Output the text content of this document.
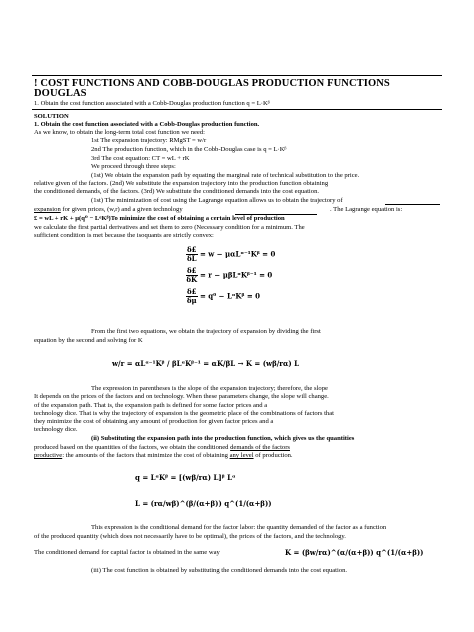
! COST FUNCTIONS AND COBB-DOUGLAS PRODUCTION FUNCTIONS
DOUGLAS
1. Obtain the cost function associated with a Cobb-Douglas production function q = L·Kᵝ
SOLUTION
1. Obtain the cost function associated with a Cobb-Douglas production function.
As we know, to obtain the long-term total cost function we need:
1st The expansion trajectory: RMgST = w/r
2nd The production function, which in the Cobb-Douglas case is q = L·Kᵝ
3rd The cost equation: CT = wL + rK
We proceed through three steps:
(1st) We obtain the expansion path by equating the marginal rate of technical substitution to the price.
relative given of the factors. (2nd) We substitute the expansion trajectory into the production function obtaining
the conditioned demands, of the factors. (3rd) We substitute the conditioned demands into the cost equation.
(1st) The minimization of cost using the Lagrange equation allows us to obtain the trajectory of
expansion for given prices, (w,r) and a given technology	. The Lagrange equation is:
£ = wL + rK + μ(q⁰ − LᵅKᵝ)To minimize the cost of obtaining a certain level of production
we calculate the first partial derivatives and set them to zero (Necessary condition for a minimum. The
sufficient condition is met because the isoquants are strictly convex:
$\frac{\delta£}{\delta L} = w$ − μαLᵅ⁻¹Kᵝ = 0
$\frac{\delta£}{\delta K} = r$ − μβLᵅKᵝ⁻¹ = 0
$\frac{\delta£}{\delta\mu} = q^0$ − LᵅKᵝ = 0
From the first two equations, we obtain the trajectory of expansion by dividing the first
equation by the second and solving for K
w/r = αLᵅ⁻¹Kᵝ / βLᵅKᵝ⁻¹ = αK/βL → K = (wβ/rα) L
The expression in parentheses is the slope of the expansion trajectory; therefore, the slope
It depends on the prices of the factors and on technology. When these parameters change, the slope will change.
of the expansion path. That is, the expansion path is defined for some factor prices and a
technology dice. That is why the trajectory of expansion is the geometric place of the combinations of factors that
they minimize the cost of obtaining any amount of production for given factor prices and a
technology dice.
(ii) Substituting the expansion path into the production function, which gives us the quantities
produced based on the quantities of the factors, we obtain the conditioned demands of the factors
productive: the amounts of the factors that minimize the cost of obtaining any level of production.
q = LᵅKᵝ = [(wβ/rα) L]ᵝ Lᵅ
L = (rα/wβ)^(β/(α+β)) q^(1/(α+β))
This expression is the conditional demand for the factor labor: the quantity demanded of the factor as a function
of the produced quantity (which does not necessarily have to be optimal), the prices of the factors, and the technology.
The conditioned demand for capital factor is obtained in the same way	K = (βw/rα)^(α/(α+β)) q^(1/(α+β))
(iii) The cost function is obtained by substituting the conditioned demands into the cost equation.
